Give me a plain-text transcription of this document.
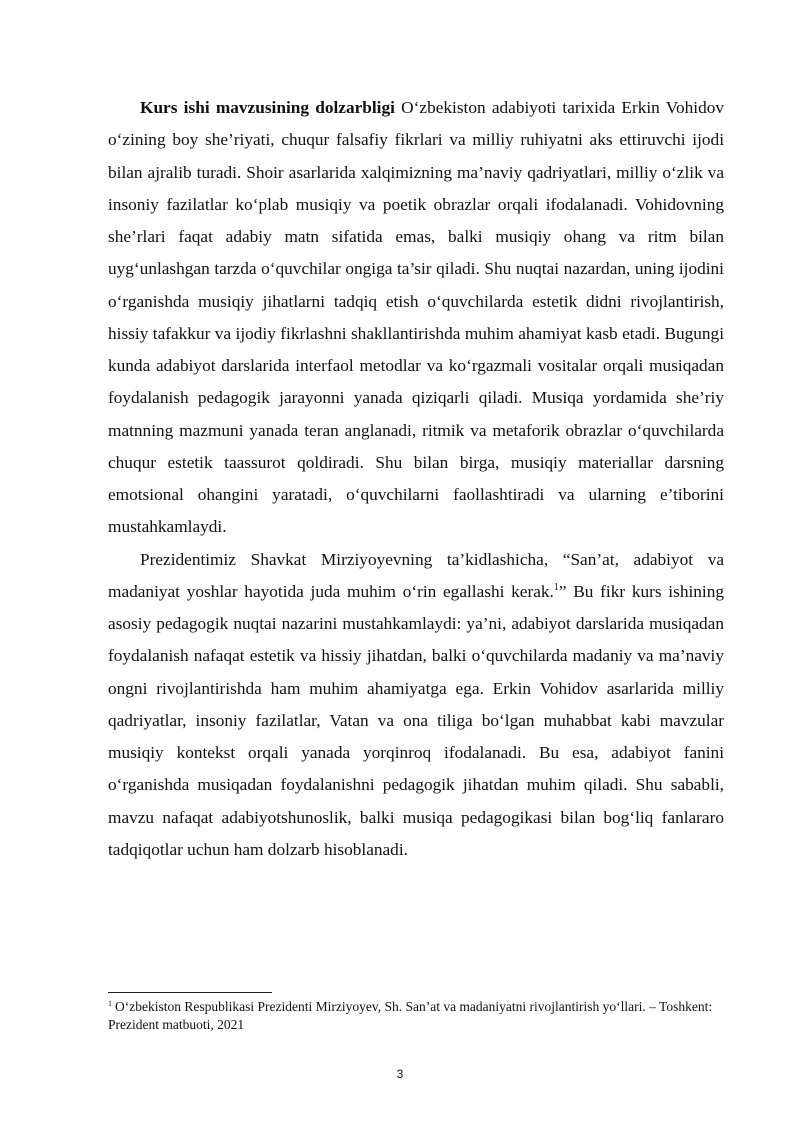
Kurs ishi mavzusining dolzarbligi O‘zbekiston adabiyoti tarixida Erkin Vohidov o‘zining boy she’riyati, chuqur falsafiy fikrlari va milliy ruhiyatni aks ettiruvchi ijodi bilan ajralib turadi. Shoir asarlarida xalqimizning ma’naviy qadriyatlari, milliy o‘zlik va insoniy fazilatlar ko‘plab musiqiy va poetik obrazlar orqali ifodalanadi. Vohidovning she’rlari faqat adabiy matn sifatida emas, balki musiqiy ohang va ritm bilan uyg‘unlashgan tarzda o‘quvchilar ongiga ta’sir qiladi. Shu nuqtai nazardan, uning ijodini o‘rganishda musiqiy jihatlarni tadqiq etish o‘quvchilarda estetik didni rivojlantirish, hissiy tafakkur va ijodiy fikrlashni shakllantirishda muhim ahamiyat kasb etadi. Bugungi kunda adabiyot darslarida interfaol metodlar va ko‘rgazmali vositalar orqali musiqadan foydalanish pedagogik jarayonni yanada qiziqarli qiladi. Musiqa yordamida she’riy matnning mazmuni yanada teran anglanadi, ritmik va metaforik obrazlar o‘quvchilarda chuqur estetik taassurot qoldiradi. Shu bilan birga, musiqiy materiallar darsning emotsional ohangini yaratadi, o‘quvchilarni faollashtiradi va ularning e’tiborini mustahkamlaydi.

Prezidentimiz Shavkat Mirziyoyevning ta’kidlashicha, “San’at, adabiyot va madaniyat yoshlar hayotida juda muhim o‘rin egallashi kerak.$^1$” Bu fikr kurs ishining asosiy pedagogik nuqtai nazarini mustahkamlaydi: ya’ni, adabiyot darslarida musiqadan foydalanish nafaqat estetik va hissiy jihatdan, balki o‘quvchilarda madaniy va ma’naviy ongni rivojlantirishda ham muhim ahamiyatga ega. Erkin Vohidov asarlarida milliy qadriyatlar, insoniy fazilatlar, Vatan va ona tiliga bo‘lgan muhabbat kabi mavzular musiqiy kontekst orqali yanada yorqinroq ifodalanadi. Bu esa, adabiyot fanini o‘rganishda musiqadan foydalanishni pedagogik jihatdan muhim qiladi. Shu sababli, mavzu nafaqat adabiyotshunoslik, balki musiqa pedagogikasi bilan bog‘liq fanlararo tadqiqotlar uchun ham dolzarb hisoblanadi.

$^1$ O‘zbekiston Respublikasi Prezidenti Mirziyoyev, Sh. San’at va madaniyatni rivojlantirish yo‘llari. – Toshkent: Prezident matbuoti, 2021

3
